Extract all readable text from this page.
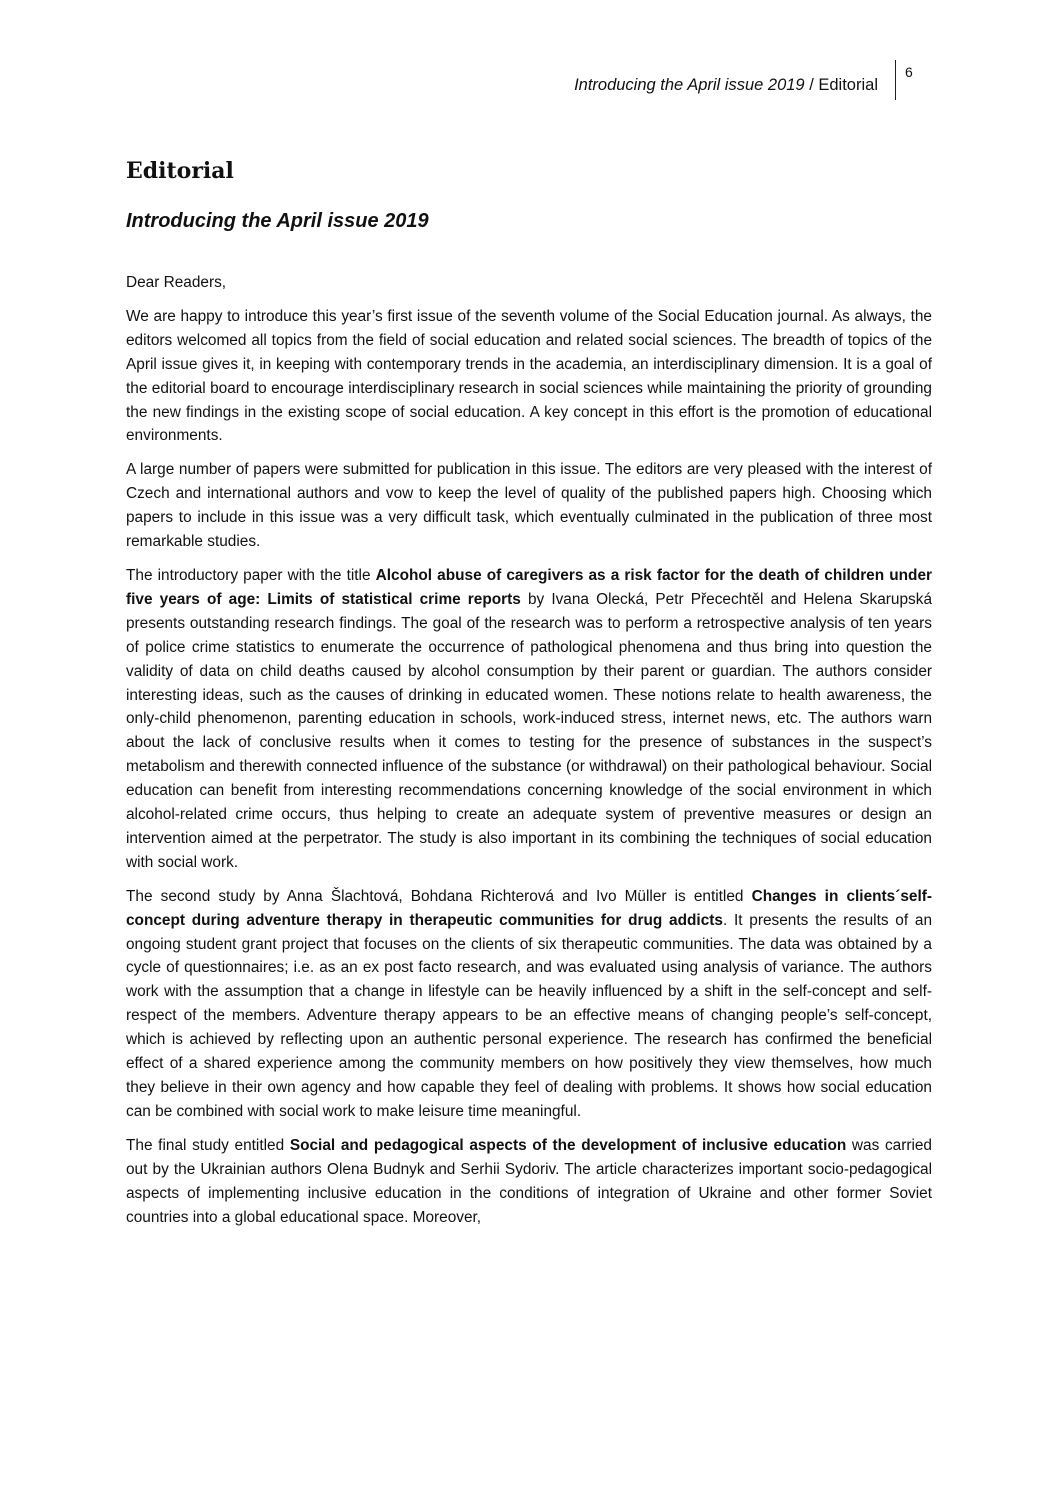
Introducing the April issue 2019 / Editorial
6
Editorial
Introducing the April issue 2019

Dear Readers,

We are happy to introduce this year’s first issue of the seventh volume of the Social Education journal. As always, the editors welcomed all topics from the field of social education and related social sciences. The breadth of topics of the April issue gives it, in keeping with contemporary trends in the academia, an interdisciplinary dimension. It is a goal of the editorial board to encourage interdisciplinary research in social sciences while maintaining the priority of grounding the new findings in the existing scope of social education. A key concept in this effort is the promotion of educational environments.

A large number of papers were submitted for publication in this issue. The editors are very pleased with the interest of Czech and international authors and vow to keep the level of quality of the published papers high. Choosing which papers to include in this issue was a very difficult task, which eventually culminated in the publication of three most remarkable studies.

The introductory paper with the title Alcohol abuse of caregivers as a risk factor for the death of children under five years of age: Limits of statistical crime reports by Ivana Olecká, Petr Přecechtěl and Helena Skarupská presents outstanding research findings. The goal of the research was to perform a retrospective analysis of ten years of police crime statistics to enumerate the occurrence of pathological phenomena and thus bring into question the validity of data on child deaths caused by alcohol consumption by their parent or guardian. The authors consider interesting ideas, such as the causes of drinking in educated women. These notions relate to health awareness, the only-child phenomenon, parenting education in schools, work-induced stress, internet news, etc. The authors warn about the lack of conclusive results when it comes to testing for the presence of substances in the suspect’s metabolism and therewith connected influence of the substance (or withdrawal) on their pathological behaviour. Social education can benefit from interesting recommendations concerning knowledge of the social environment in which alcohol-related crime occurs, thus helping to create an adequate system of preventive measures or design an intervention aimed at the perpetrator. The study is also important in its combining the techniques of social education with social work.

The second study by Anna Šlachtová, Bohdana Richterová and Ivo Müller is entitled Changes in clients´self-concept during adventure therapy in therapeutic communities for drug addicts. It presents the results of an ongoing student grant project that focuses on the clients of six therapeutic communities. The data was obtained by a cycle of questionnaires; i.e. as an ex post facto research, and was evaluated using analysis of variance. The authors work with the assumption that a change in lifestyle can be heavily influenced by a shift in the self-concept and self-respect of the members. Adventure therapy appears to be an effective means of changing people’s self-concept, which is achieved by reflecting upon an authentic personal experience. The research has confirmed the beneficial effect of a shared experience among the community members on how positively they view themselves, how much they believe in their own agency and how capable they feel of dealing with problems. It shows how social education can be combined with social work to make leisure time meaningful.

The final study entitled Social and pedagogical aspects of the development of inclusive education was carried out by the Ukrainian authors Olena Budnyk and Serhii Sydoriv. The article characterizes important socio-pedagogical aspects of implementing inclusive education in the conditions of integration of Ukraine and other former Soviet countries into a global educational space. Moreover,
